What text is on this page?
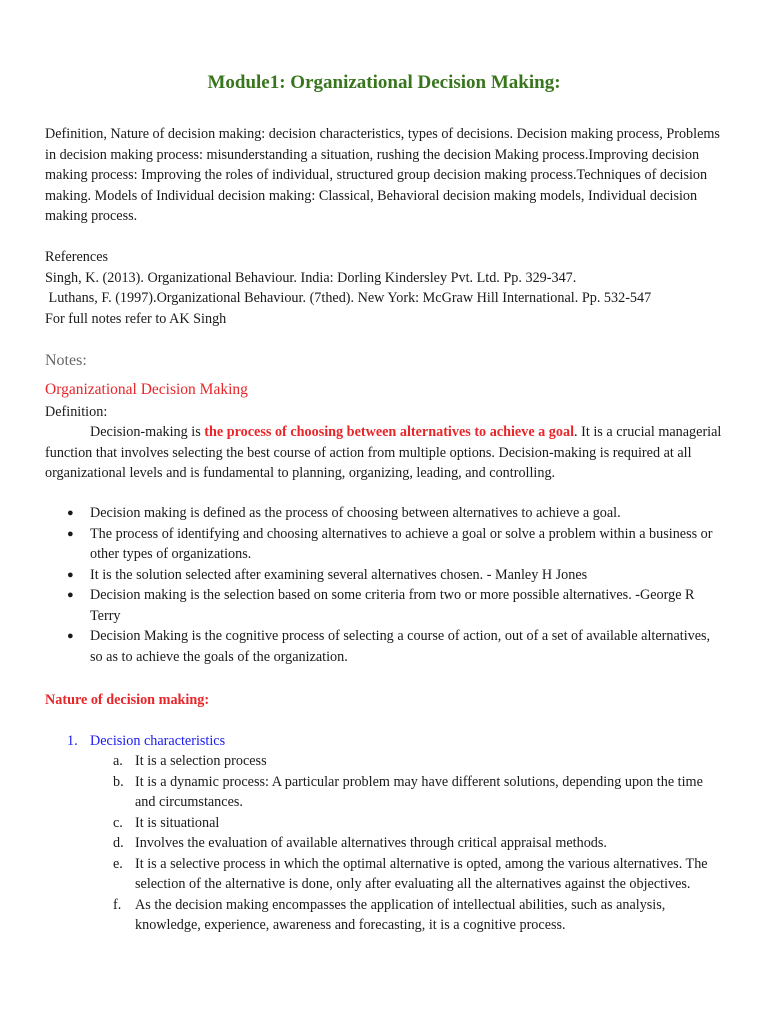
Module1: Organizational Decision Making:
Definition, Nature of decision making: decision characteristics, types of decisions. Decision making process, Problems in decision making process: misunderstanding a situation, rushing the decision Making process.Improving decision making process: Improving the roles of individual, structured group decision making process.Techniques of decision making. Models of Individual decision making: Classical, Behavioral decision making models, Individual decision making process.
References
Singh, K. (2013). Organizational Behaviour. India: Dorling Kindersley Pvt. Ltd. Pp. 329-347.
Luthans, F. (1997).Organizational Behaviour. (7thed). New York: McGraw Hill International. Pp. 532-547
For full notes refer to AK Singh
Notes:
Organizational Decision Making
Definition:
Decision-making is the process of choosing between alternatives to achieve a goal. It is a crucial managerial function that involves selecting the best course of action from multiple options. Decision-making is required at all organizational levels and is fundamental to planning, organizing, leading, and controlling.
● Decision making is defined as the process of choosing between alternatives to achieve a goal.
● The process of identifying and choosing alternatives to achieve a goal or solve a problem within a business or other types of organizations.
● It is the solution selected after examining several alternatives chosen. - Manley H Jones
● Decision making is the selection based on some criteria from two or more possible alternatives. -George R Terry
● Decision Making is the cognitive process of selecting a course of action, out of a set of available alternatives, so as to achieve the goals of the organization.
Nature of decision making:
1. Decision characteristics
a. It is a selection process
b. It is a dynamic process: A particular problem may have different solutions, depending upon the time and circumstances.
c. It is situational
d. Involves the evaluation of available alternatives through critical appraisal methods.
e. It is a selective process in which the optimal alternative is opted, among the various alternatives. The selection of the alternative is done, only after evaluating all the alternatives against the objectives.
f. As the decision making encompasses the application of intellectual abilities, such as analysis, knowledge, experience, awareness and forecasting, it is a cognitive process.
